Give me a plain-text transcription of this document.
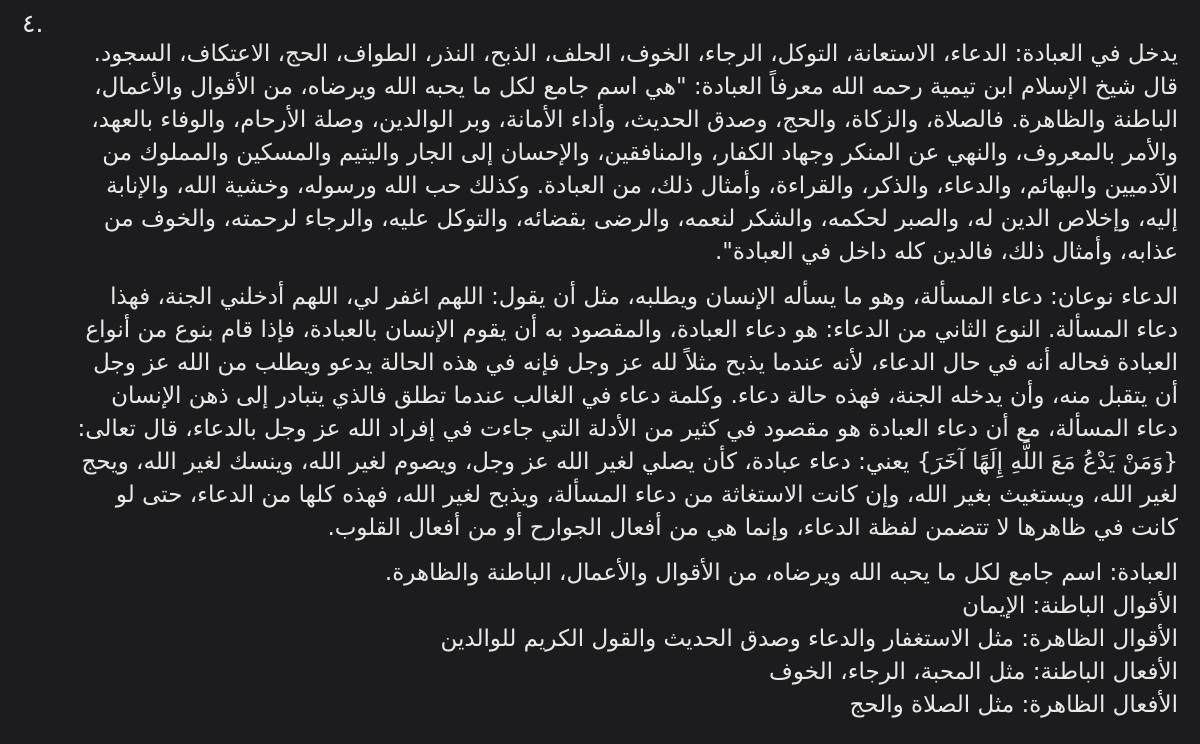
٤.

يدخل في العبادة: الدعاء، الاستعانة، التوكل، الرجاء، الخوف، الحلف، الذبح، النذر، الطواف، الحج، الاعتكاف، السجود.
قال شيخ الإسلام ابن تيمية رحمه الله معرفاً العبادة: "هي اسم جامع لكل ما يحبه الله ويرضاه، من الأقوال والأعمال،
الباطنة والظاهرة. فالصلاة، والزكاة، والحج، وصدق الحديث، وأداء الأمانة، وبر الوالدين، وصلة الأرحام، والوفاء بالعهد،
والأمر بالمعروف، والنهي عن المنكر وجهاد الكفار، والمنافقين، والإحسان إلى الجار واليتيم والمسكين والمملوك من
الآدميين والبهائم، والدعاء، والذكر، والقراءة، وأمثال ذلك، من العبادة. وكذلك حب الله ورسوله، وخشية الله، والإنابة
إليه، وإخلاص الدين له، والصبر لحكمه، والشكر لنعمه، والرضى بقضائه، والتوكل عليه، والرجاء لرحمته، والخوف من
عذابه، وأمثال ذلك، فالدين كله داخل في العبادة".

الدعاء نوعان: دعاء المسألة، وهو ما يسأله الإنسان ويطلبه، مثل أن يقول: اللهم اغفر لي، اللهم أدخلني الجنة، فهذا
دعاء المسألة. النوع الثاني من الدعاء: هو دعاء العبادة، والمقصود به أن يقوم الإنسان بالعبادة، فإذا قام بنوع من أنواع
العبادة فحاله أنه في حال الدعاء، لأنه عندما يذبح مثلاً لله عز وجل فإنه في هذه الحالة يدعو ويطلب من الله عز وجل
أن يتقبل منه، وأن يدخله الجنة، فهذه حالة دعاء. وكلمة دعاء في الغالب عندما تطلق فالذي يتبادر إلى ذهن الإنسان
دعاء المسألة، مع أن دعاء العبادة هو مقصود في كثير من الأدلة التي جاءت في إفراد الله عز وجل بالدعاء، قال تعالى:
{وَمَنْ يَدْعُ مَعَ اللَّهِ إِلَهًا آخَرَ} يعني: دعاء عبادة، كأن يصلي لغير الله عز وجل، ويصوم لغير الله، وينسك لغير الله، ويحج
لغير الله، ويستغيث بغير الله، وإن كانت الاستغاثة من دعاء المسألة، ويذبح لغير الله، فهذه كلها من الدعاء، حتى لو
كانت في ظاهرها لا تتضمن لفظة الدعاء، وإنما هي من أفعال الجوارح أو من أفعال القلوب.

العبادة: اسم جامع لكل ما يحبه الله ويرضاه، من الأقوال والأعمال، الباطنة والظاهرة.
الأقوال الباطنة: الإيمان
الأقوال الظاهرة: مثل الاستغفار والدعاء وصدق الحديث والقول الكريم للوالدين
الأفعال الباطنة: مثل المحبة، الرجاء، الخوف
الأفعال الظاهرة: مثل الصلاة والحج
